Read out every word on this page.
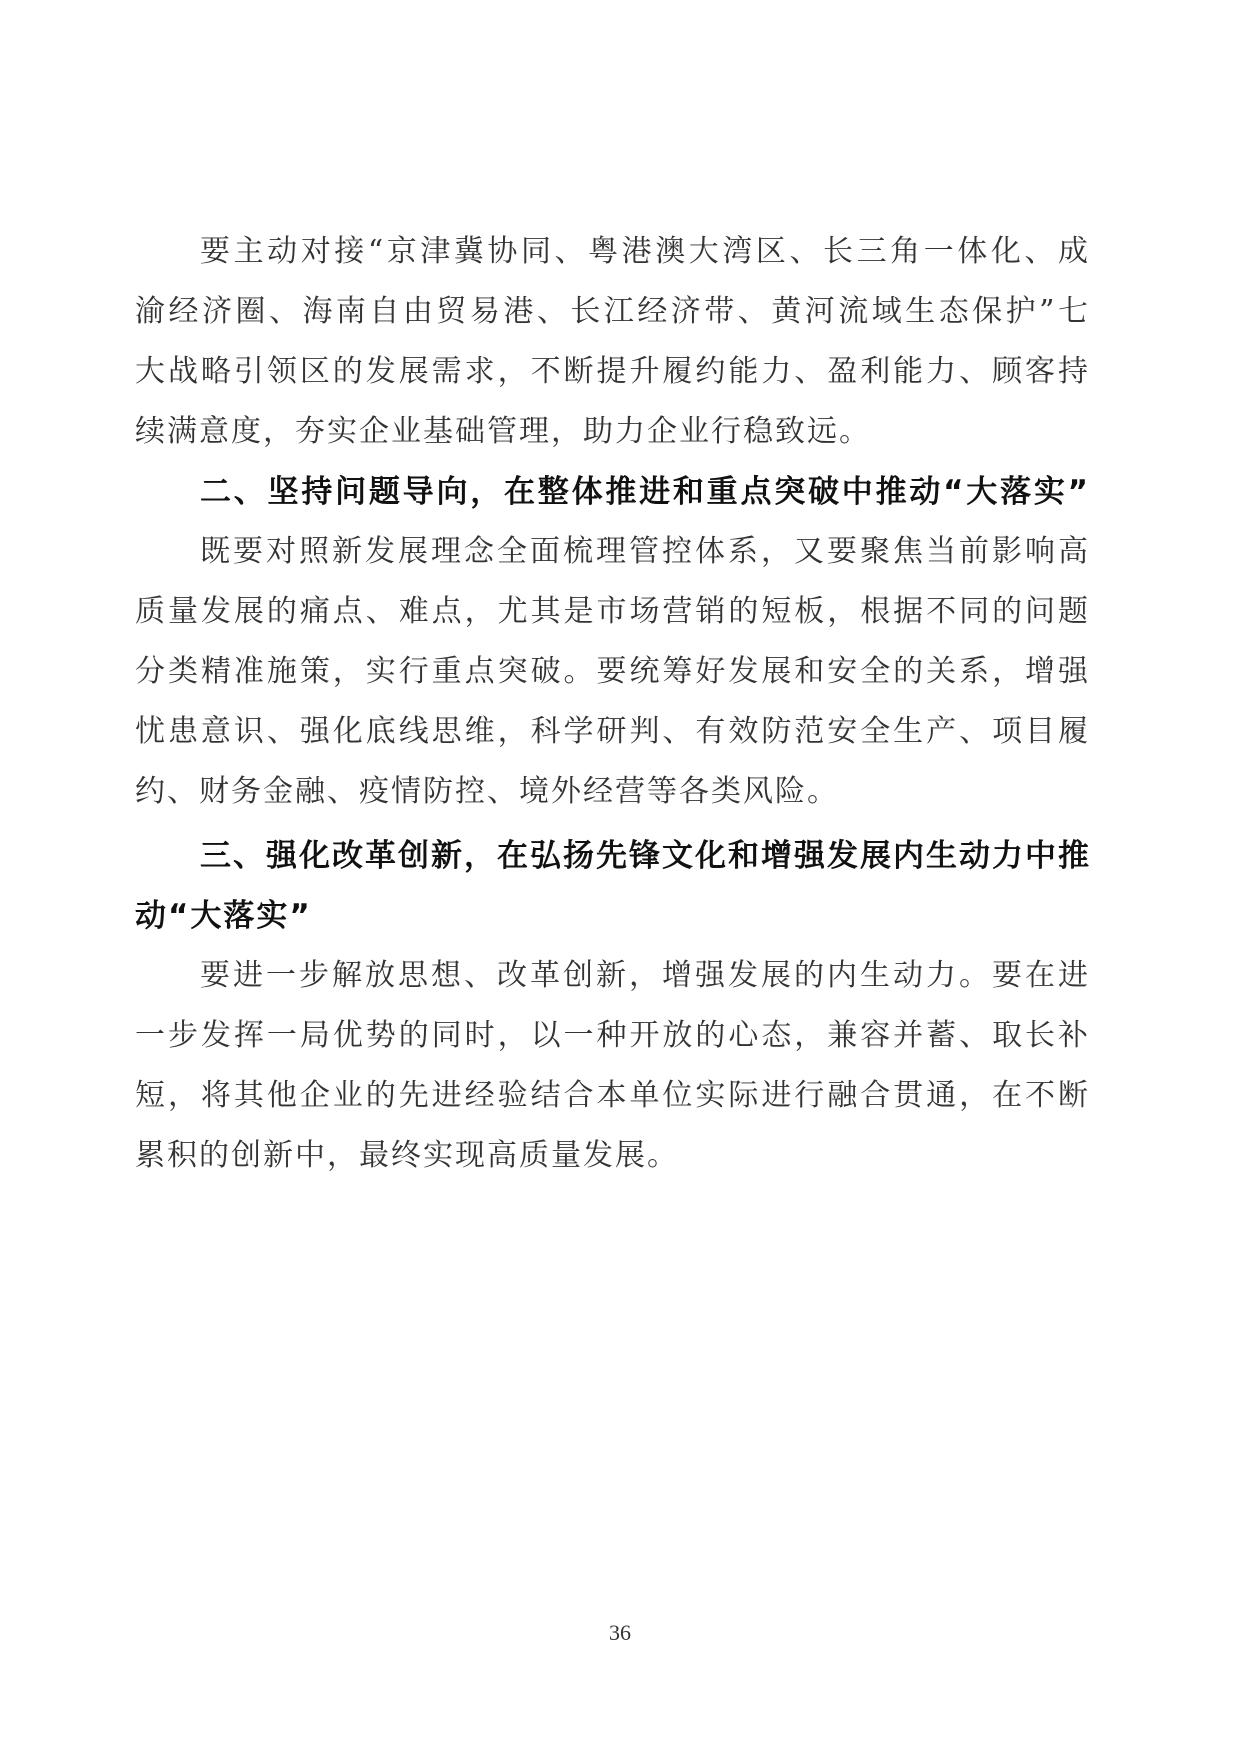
要主动对接“京津冀协同、粤港澳大湾区、长三角一体化、成
渝经济圈、海南自由贸易港、长江经济带、黄河流域生态保护”七
大战略引领区的发展需求，不断提升履约能力、盈利能力、顾客持
续满意度，夯实企业基础管理，助力企业行稳致远。
二、坚持问题导向，在整体推进和重点突破中推动“大落实”
既要对照新发展理念全面梳理管控体系，又要聚焦当前影响高
质量发展的痛点、难点，尤其是市场营销的短板，根据不同的问题
分类精准施策，实行重点突破。要统筹好发展和安全的关系，增强
忧患意识、强化底线思维，科学研判、有效防范安全生产、项目履
约、财务金融、疫情防控、境外经营等各类风险。
三、强化改革创新，在弘扬先锋文化和增强发展内生动力中推
动“大落实”
要进一步解放思想、改革创新，增强发展的内生动力。要在进
一步发挥一局优势的同时，以一种开放的心态，兼容并蓄、取长补
短，将其他企业的先进经验结合本单位实际进行融合贯通，在不断
累积的创新中，最终实现高质量发展。
36
